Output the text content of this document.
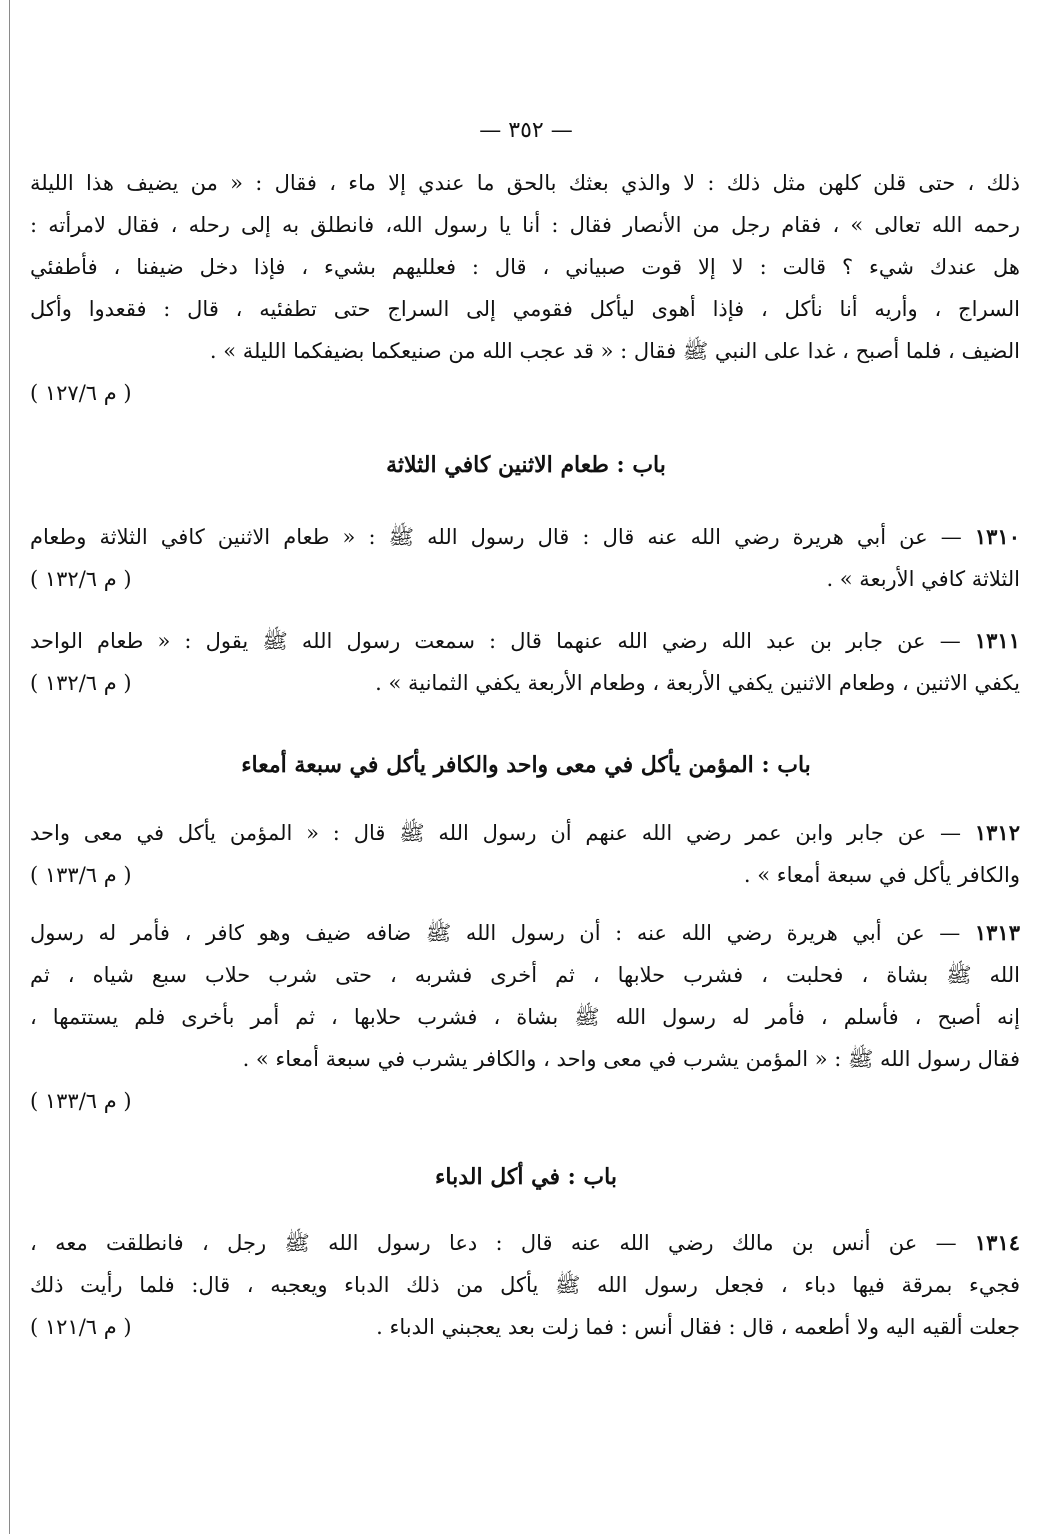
— ٣٥٢ —
ذلك ، حتى قلن كلهن مثل ذلك : لا والذي بعثك بالحق ما عندي إلا ماء ، فقال : « من يضيف هذا الليلة
رحمه الله تعالى » ، فقام رجل من الأنصار فقال : أنا يا رسول الله، فانطلق به إلى رحله ، فقال لامرأته :
هل عندك شيء ؟ قالت : لا إلا قوت صبياني ، قال : فعلليهم بشيء ، فإذا دخل ضيفنا ، فأطفئي
السراج ، وأريه أنا نأكل ، فإذا أهوى ليأكل فقومي إلى السراج حتى تطفئيه ، قال : فقعدوا وأكل
الضيف ، فلما أصبح ، غدا على النبي ﷺ فقال : « قد عجب الله من صنيعكما بضيفكما الليلة » .
( م ١٢٧/٦ )
باب : طعام الاثنين كافي الثلاثة
١٣١٠ — عن أبي هريرة رضي الله عنه قال : قال رسول الله ﷺ : « طعام الاثنين كافي الثلاثة وطعام
( م ١٣٢/٦ )	الثلاثة كافي الأربعة » .
١٣١١ — عن جابر بن عبد الله رضي الله عنهما قال : سمعت رسول الله ﷺ يقول : « طعام الواحد
( م ١٣٢/٦ )	يكفي الاثنين ، وطعام الاثنين يكفي الأربعة ، وطعام الأربعة يكفي الثمانية » .
باب : المؤمن يأكل في معى واحد والكافر يأكل في سبعة أمعاء
١٣١٢ — عن جابر وابن عمر رضي الله عنهم أن رسول الله ﷺ قال : « المؤمن يأكل في معى واحد
( م ١٣٣/٦ )	والكافر يأكل في سبعة أمعاء » .
١٣١٣ — عن أبي هريرة رضي الله عنه : أن رسول الله ﷺ ضافه ضيف وهو كافر ، فأمر له رسول
الله ﷺ بشاة ، فحلبت ، فشرب حلابها ، ثم أخرى فشربه ، حتى شرب حلاب سبع شياه ، ثم
إنه أصبح ، فأسلم ، فأمر له رسول الله ﷺ بشاة ، فشرب حلابها ، ثم أمر بأخرى فلم يستتمها ،
فقال رسول الله ﷺ : « المؤمن يشرب في معى واحد ، والكافر يشرب في سبعة أمعاء » .
( م ١٣٣/٦ )
باب : في أكل الدباء
١٣١٤ — عن أنس بن مالك رضي الله عنه قال : دعا رسول الله ﷺ رجل ، فانطلقت معه ،
فجيء بمرقة فيها دباء ، فجعل رسول الله ﷺ يأكل من ذلك الدباء ويعجبه ، قال: فلما رأيت ذلك
( م ١٢١/٦ )	جعلت ألقيه اليه ولا أطعمه ، قال : فقال أنس : فما زلت بعد يعجبني الدباء .
